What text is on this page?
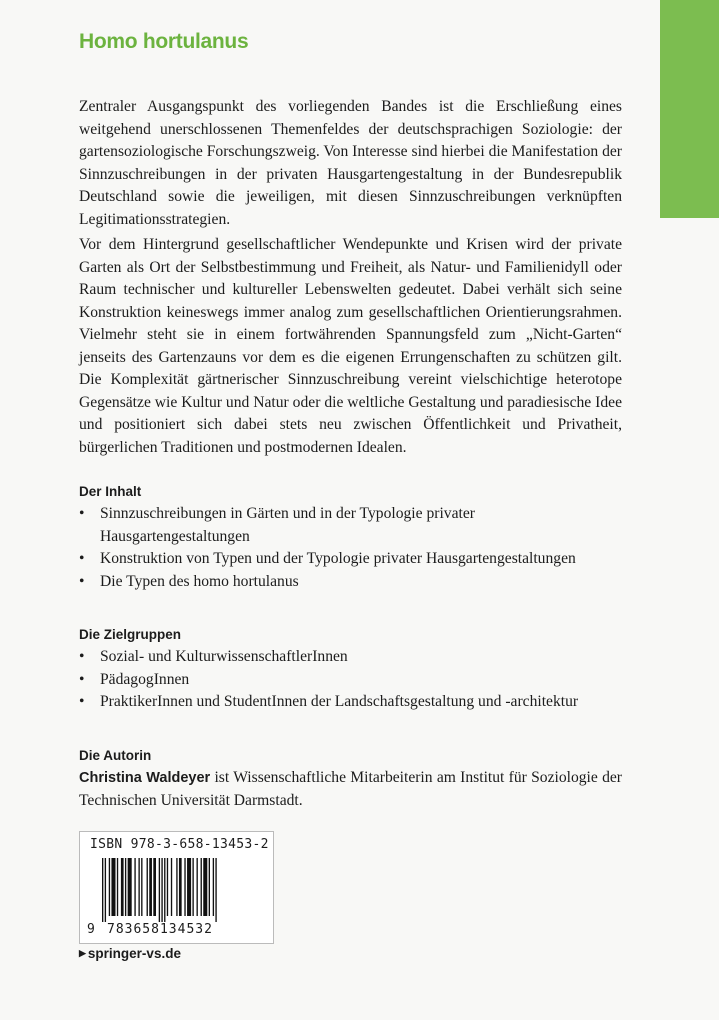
Homo hortulanus
Zentraler Ausgangspunkt des vorliegenden Bandes ist die Erschließung eines weitgehend unerschlossenen Themenfeldes der deutschsprachigen Soziologie: der gartensoziologische Forschungszweig. Von Interesse sind hierbei die Manifestation der Sinnzuschreibungen in der privaten Hausgartengestaltung in der Bundesrepublik Deutschland sowie die jeweiligen, mit diesen Sinnzuschreibungen verknüpften Legitimationsstrategien.
Vor dem Hintergrund gesellschaftlicher Wendepunkte und Krisen wird der private Garten als Ort der Selbstbestimmung und Freiheit, als Natur- und Familienidyll oder Raum technischer und kultureller Lebenswelten gedeutet. Dabei verhält sich seine Konstruktion keineswegs immer analog zum gesellschaftlichen Orientierungsrahmen. Vielmehr steht sie in einem fortwährenden Spannungsfeld zum „Nicht-Garten“ jenseits des Gartenzauns vor dem es die eigenen Errungenschaften zu schützen gilt. Die Komplexität gärtnerischer Sinnzuschreibung vereint vielschichtige heterotope Gegensätze wie Kultur und Natur oder die weltliche Gestaltung und paradiesische Idee und positioniert sich dabei stets neu zwischen Öffentlichkeit und Privatheit, bürgerlichen Traditionen und postmodernen Idealen.
Der Inhalt
• Sinnzuschreibungen in Gärten und in der Typologie privater Hausgartengestaltungen
• Konstruktion von Typen und der Typologie privater Hausgartengestaltungen
• Die Typen des homo hortulanus
Die Zielgruppen
• Sozial- und KulturwissenschaftlerInnen
• PädagogInnen
• PraktikerInnen und StudentInnen der Landschaftsgestaltung und -architektur
Die Autorin
Christina Waldeyer ist Wissenschaftliche Mitarbeiterin am Institut für Soziologie der Technischen Universität Darmstadt.
ISBN 978-3-658-13453-2
9 783658134532
▶ springer-vs.de
